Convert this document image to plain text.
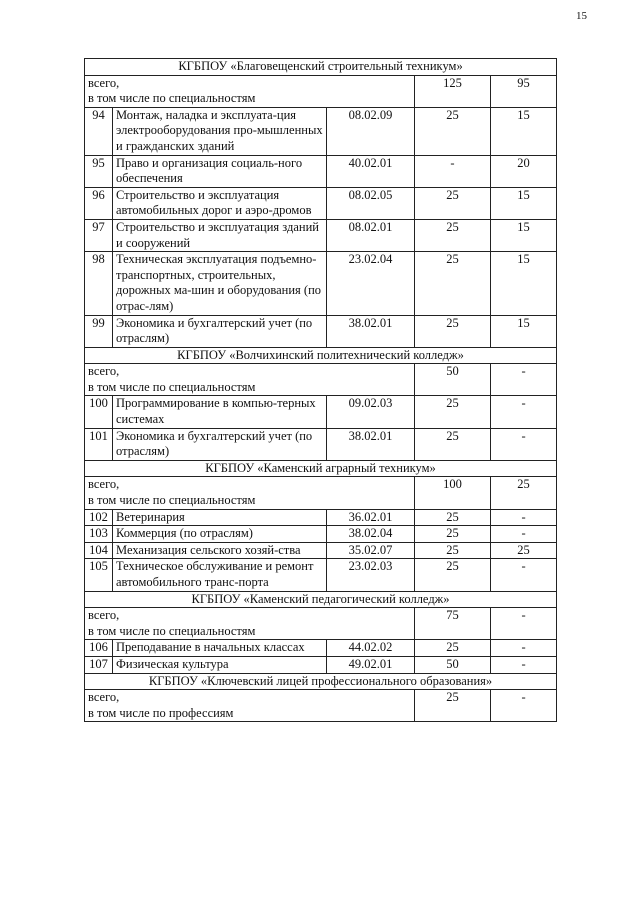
15
КГБПОУ «Благовещенский строительный техникум»				

всего,
в том числе по специальностям			125	95
94	Монтаж, наладка и эксплуата-ция электрооборудования про-мышленных и гражданских зданий	08.02.09	25	15
95	Право и организация социаль-ного обеспечения	40.02.01	-	20
96	Строительство и эксплуатация автомобильных дорог и аэро-дромов	08.02.05	25	15
97	Строительство и эксплуатация зданий и сооружений	08.02.01	25	15
98	Техническая эксплуатация подъемно-транспортных, строительных, дорожных ма-шин и оборудования (по отрас-лям)	23.02.04	25	15
99	Экономика и бухгалтерский учет (по отраслям)	38.02.01	25	15
КГБПОУ «Волчихинский политехнический колледж»				

всего,
в том числе по специальностям			50	-
100	Программирование в компью-терных системах	09.02.03	25	-
101	Экономика и бухгалтерский учет (по отраслям)	38.02.01	25	-
КГБПОУ «Каменский аграрный техникум»				

всего,
в том числе по специальностям			100	25
102	Ветеринария	36.02.01	25	-
103	Коммерция (по отраслям)	38.02.04	25	-
104	Механизация сельского хозяй-ства	35.02.07	25	25
105	Техническое обслуживание и ремонт автомобильного транс-порта	23.02.03	25	-
КГБПОУ «Каменский педагогический колледж»				

всего,
в том числе по специальностям			75	-
106	Преподавание в начальных классах	44.02.02	25	-
107	Физическая культура	49.02.01	50	-
КГБПОУ «Ключевский лицей профессионального образования»				

всего,
в том числе по профессиям			25	-
